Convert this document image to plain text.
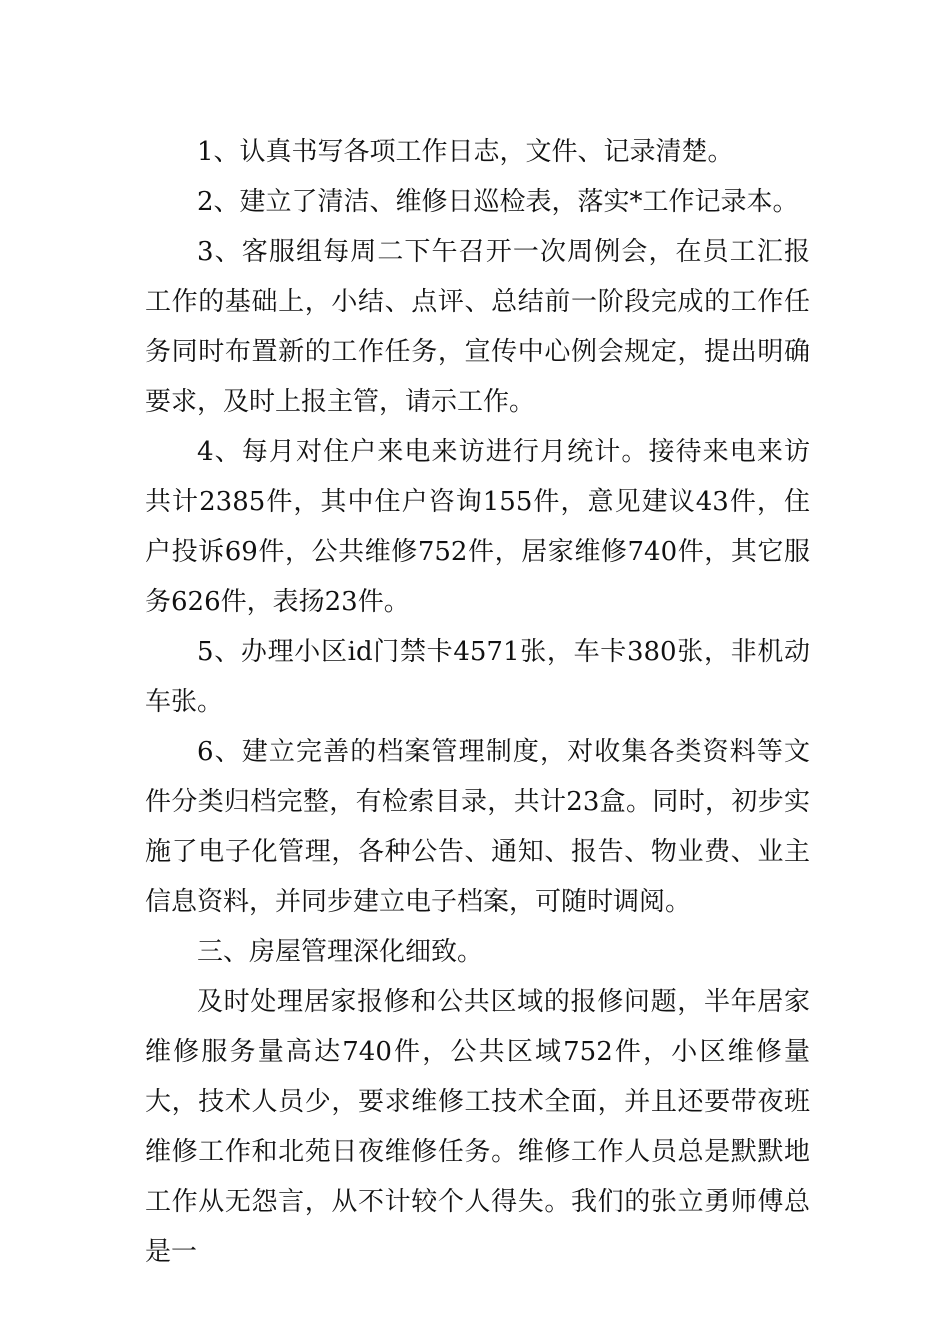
1、认真书写各项工作日志，文件、记录清楚。

2、建立了清洁、维修日巡检表，落实*工作记录本。

3、客服组每周二下午召开一次周例会，在员工汇报工作的基础上，小结、点评、总结前一阶段完成的工作任务同时布置新的工作任务，宣传中心例会规定，提出明确要求，及时上报主管，请示工作。

4、每月对住户来电来访进行月统计。接待来电来访共计2385件，其中住户咨询155件，意见建议43件，住户投诉69件，公共维修752件，居家维修740件，其它服务626件，表扬23件。

5、办理小区id门禁卡4571张，车卡380张，非机动车张。

6、建立完善的档案管理制度，对收集各类资料等文件分类归档完整，有检索目录，共计23盒。同时，初步实施了电子化管理，各种公告、通知、报告、物业费、业主信息资料，并同步建立电子档案，可随时调阅。

三、房屋管理深化细致。

及时处理居家报修和公共区域的报修问题，半年居家维修服务量高达740件，公共区域752件，小区维修量大，技术人员少，要求维修工技术全面，并且还要带夜班维修工作和北苑日夜维修任务。维修工作人员总是默默地工作从无怨言，从不计较个人得失。我们的张立勇师傅总是一
